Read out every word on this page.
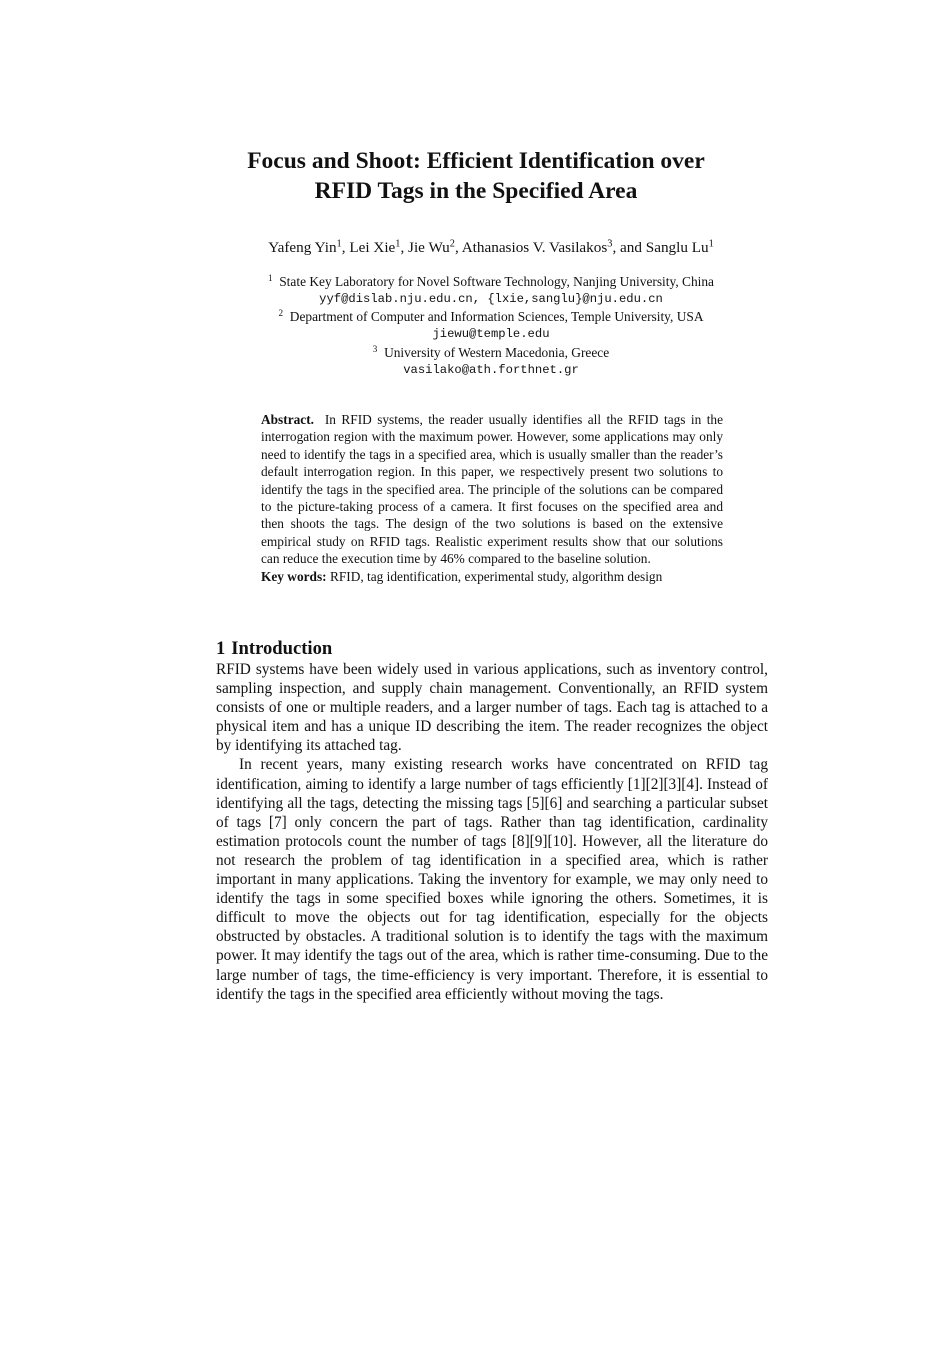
Focus and Shoot: Efficient Identification over
RFID Tags in the Specified Area
Yafeng Yin$^1$, Lei Xie$^1$, Jie Wu$^2$, Athanasios V. Vasilakos$^3$, and Sanglu Lu$^1$
$^1$ State Key Laboratory for Novel Software Technology, Nanjing University, China
yyf@dislab.nju.edu.cn, {lxie,sanglu}@nju.edu.cn
$^2$ Department of Computer and Information Sciences, Temple University, USA
jiewu@temple.edu
$^3$ University of Western Macedonia, Greece
vasilako@ath.forthnet.gr
Abstract. In RFID systems, the reader usually identifies all the RFID tags in the interrogation region with the maximum power. However, some applications may only need to identify the tags in a specified area, which is usually smaller than the reader’s default interrogation region. In this paper, we respectively present two solutions to identify the tags in the specified area. The principle of the solutions can be compared to the picture-taking process of a camera. It first focuses on the specified area and then shoots the tags. The design of the two solutions is based on the extensive empirical study on RFID tags. Realistic experiment results show that our solutions can reduce the execution time by 46% compared to the baseline solution.
Key words: RFID, tag identification, experimental study, algorithm design
1 Introduction

RFID systems have been widely used in various applications, such as inventory control, sampling inspection, and supply chain management. Conventionally, an RFID system consists of one or multiple readers, and a larger number of tags. Each tag is attached to a physical item and has a unique ID describing the item. The reader recognizes the object by identifying its attached tag.

In recent years, many existing research works have concentrated on RFID tag identification, aiming to identify a large number of tags efficiently [1][2][3][4]. Instead of identifying all the tags, detecting the missing tags [5][6] and searching a particular subset of tags [7] only concern the part of tags. Rather than tag identification, cardinality estimation protocols count the number of tags [8][9][10]. However, all the literature do not research the problem of tag identification in a specified area, which is rather important in many applications. Taking the inventory for example, we may only need to identify the tags in some specified boxes while ignoring the others. Sometimes, it is difficult to move the objects out for tag identification, especially for the objects obstructed by obstacles. A traditional solution is to identify the tags with the maximum power. It may identify the tags out of the area, which is rather time-consuming. Due to the large number of tags, the time-efficiency is very important. Therefore, it is essential to identify the tags in the specified area efficiently without moving the tags.
